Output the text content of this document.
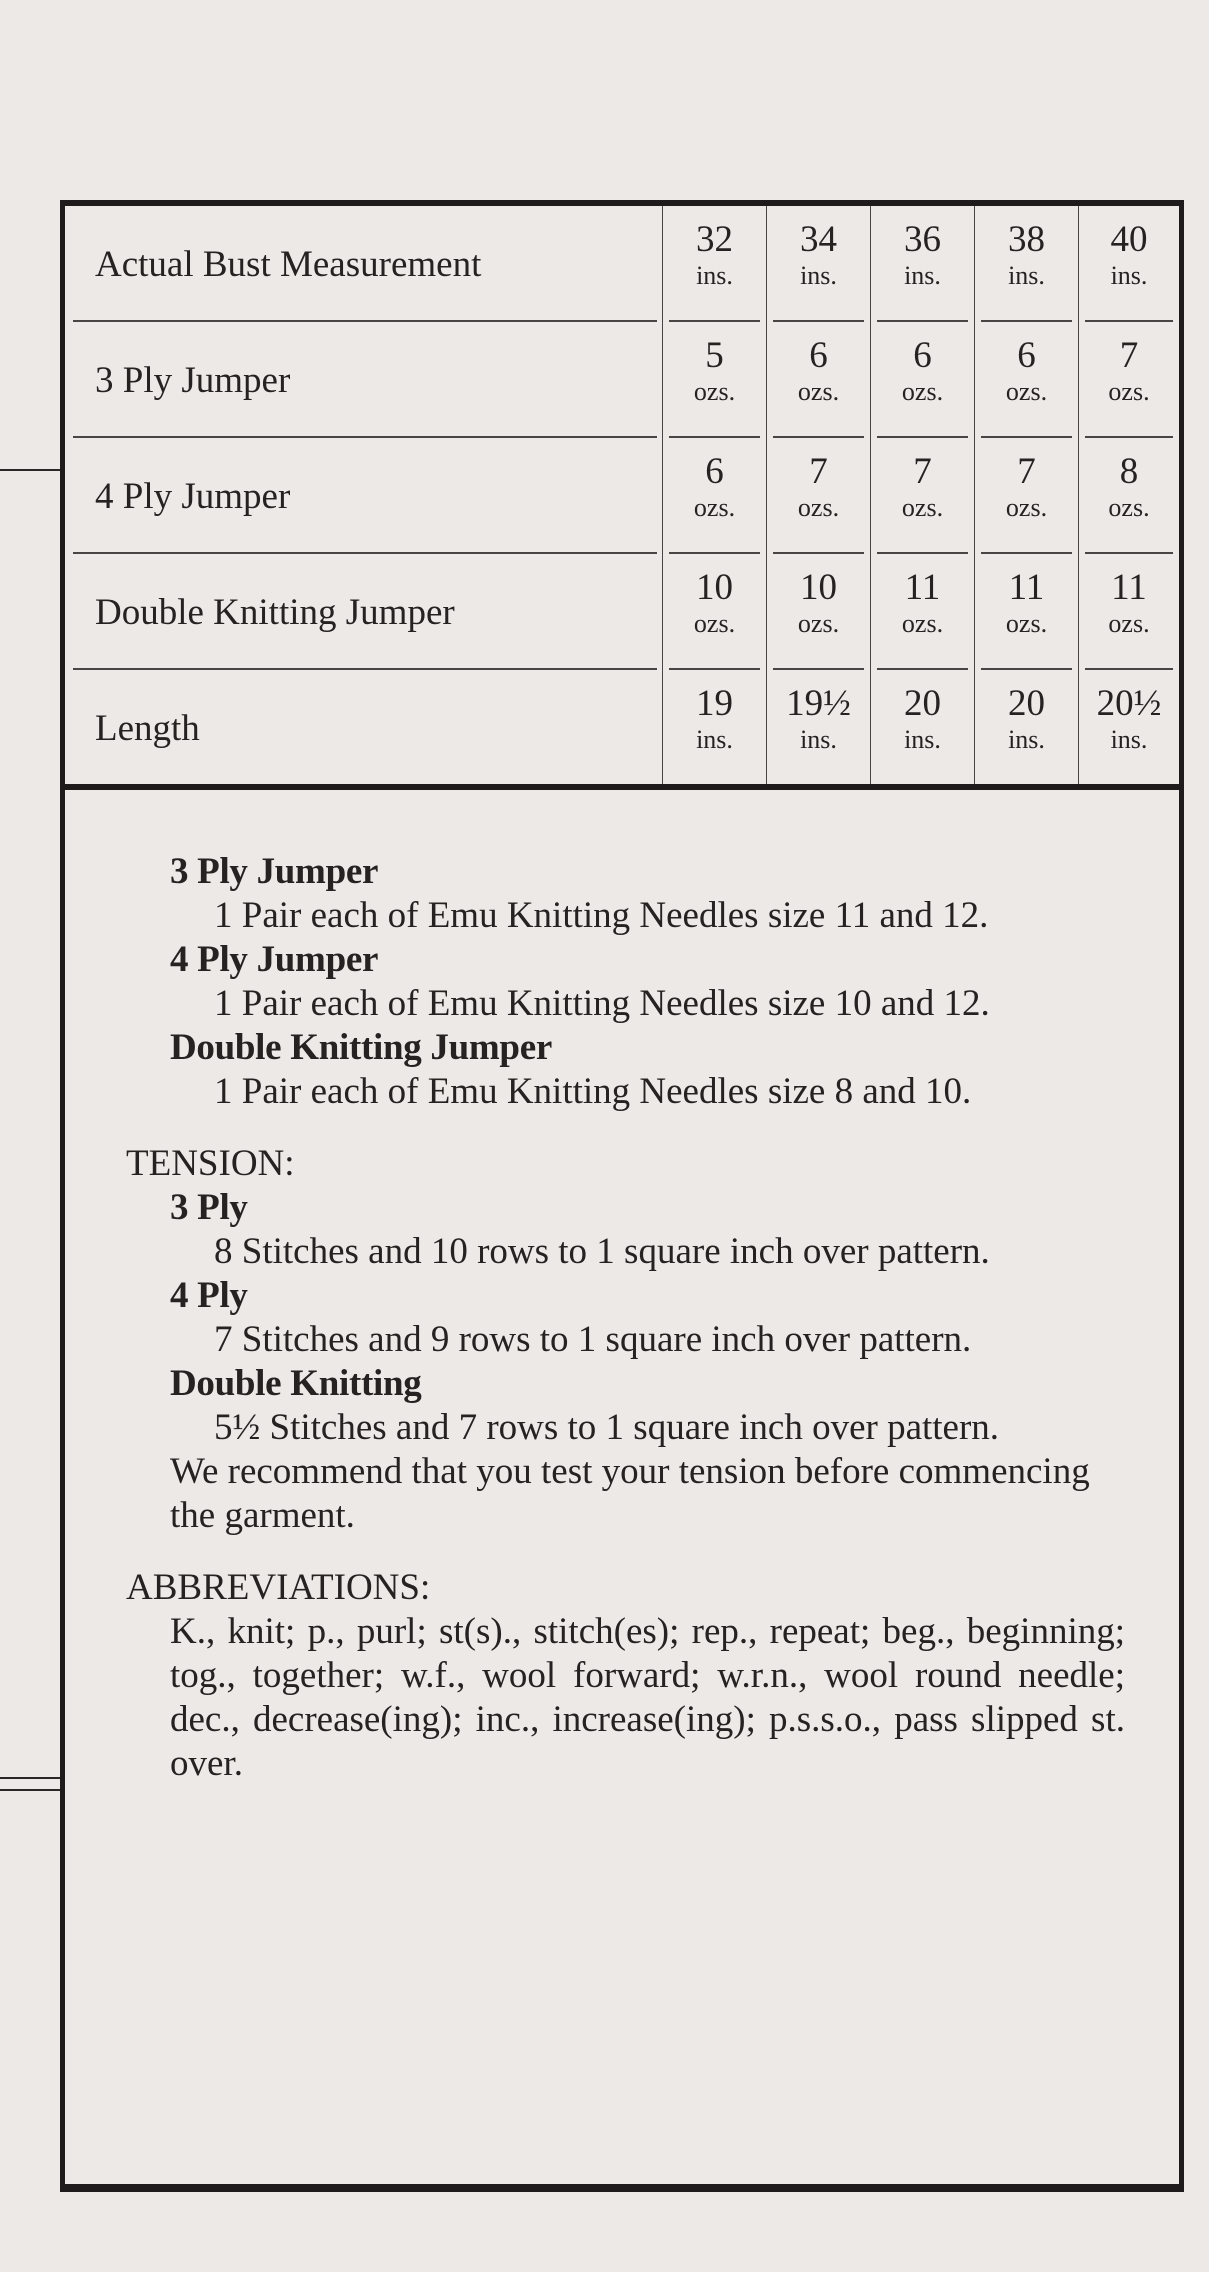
Actual Bust Measurement
32
ins.
34
ins.
36
ins.
38
ins.
40
ins.
3 Ply Jumper
5
ozs.
6
ozs.
6
ozs.
6
ozs.
7
ozs.
4 Ply Jumper
6
ozs.
7
ozs.
7
ozs.
7
ozs.
8
ozs.
Double Knitting Jumper
10
ozs.
10
ozs.
11
ozs.
11
ozs.
11
ozs.
Length
19
ins.
19½
ins.
20
ins.
20
ins.
20½
ins.
3 Ply Jumper
1 Pair each of Emu Knitting Needles size 11 and 12.
4 Ply Jumper
1 Pair each of Emu Knitting Needles size 10 and 12.
Double Knitting Jumper
1 Pair each of Emu Knitting Needles size 8 and 10.
TENSION:
3 Ply
8 Stitches and 10 rows to 1 square inch over pattern.
4 Ply
7 Stitches and 9 rows to 1 square inch over pattern.
Double Knitting
5½ Stitches and 7 rows to 1 square inch over pattern.
We recommend that you test your tension before commencing the garment.
ABBREVIATIONS:
K., knit; p., purl; st(s)., stitch(es); rep., repeat; beg., beginning; tog., together; w.f., wool forward; w.r.n., wool round needle; dec., decrease(ing); inc., increase(ing); p.s.s.o., pass slipped st. over.
